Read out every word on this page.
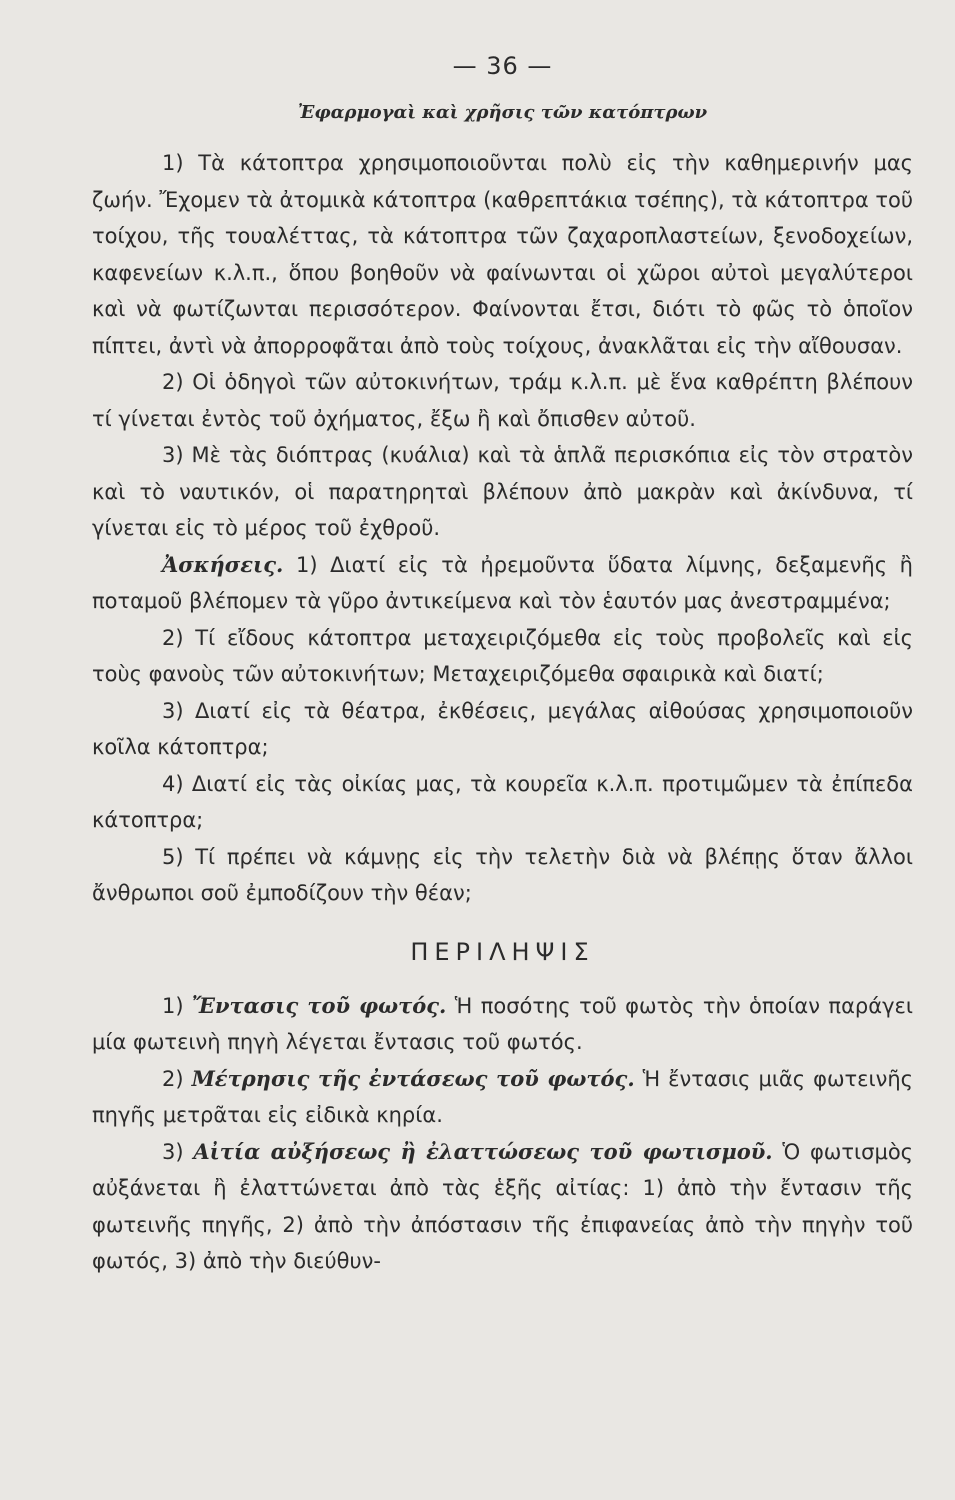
— 36 —
Ἐφαρμογαὶ καὶ χρῆσις τῶν κατόπτρων

1) Τὰ κάτοπτρα χρησιμοποιοῦνται πολὺ εἰς τὴν καθημερινήν μας ζωήν. Ἔχομεν τὰ ἀτομικὰ κάτοπτρα (καθρεπτάκια τσέπης), τὰ κάτοπτρα τοῦ τοίχου, τῆς τουαλέττας, τὰ κάτοπτρα τῶν ζαχαροπλαστείων, ξενοδοχείων, καφενείων κ.λ.π., ὅπου βοηθοῦν νὰ φαίνωνται οἱ χῶροι αὐτοὶ μεγαλύτεροι καὶ νὰ φωτίζωνται περισσότερον. Φαίνονται ἔτσι, διότι τὸ φῶς τὸ ὁποῖον πίπτει, ἀντὶ νὰ ἀπορροφᾶται ἀπὸ τοὺς τοίχους, ἀνακλᾶται εἰς τὴν αἴθουσαν.

2) Οἱ ὁδηγοὶ τῶν αὐτοκινήτων, τράμ κ.λ.π. μὲ ἕνα καθρέπτη βλέπουν τί γίνεται ἐντὸς τοῦ ὀχήματος, ἔξω ἢ καὶ ὄπισθεν αὐτοῦ.

3) Μὲ τὰς διόπτρας (κυάλια) καὶ τὰ ἁπλᾶ περισκόπια εἰς τὸν στρατὸν καὶ τὸ ναυτικόν, οἱ παρατηρηταὶ βλέπουν ἀπὸ μακρὰν καὶ ἀκίνδυνα, τί γίνεται εἰς τὸ μέρος τοῦ ἐχθροῦ.

Ἀσκήσεις. 1) Διατί εἰς τὰ ἠρεμοῦντα ὕδατα λίμνης, δεξαμενῆς ἢ ποταμοῦ βλέπομεν τὰ γῦρο ἀντικείμενα καὶ τὸν ἑαυτόν μας ἀνεστραμμένα;

2) Τί εἴδους κάτοπτρα μεταχειριζόμεθα εἰς τοὺς προβολεῖς καὶ εἰς τοὺς φανοὺς τῶν αὐτοκινήτων; Μεταχειριζόμεθα σφαιρικὰ καὶ διατί;

3) Διατί εἰς τὰ θέατρα, ἐκθέσεις, μεγάλας αἰθούσας χρησιμοποιοῦν κοῖλα κάτοπτρα;

4) Διατί εἰς τὰς οἰκίας μας, τὰ κουρεῖα κ.λ.π. προτιμῶμεν τὰ ἐπίπεδα κάτοπτρα;

5) Τί πρέπει νὰ κάμνῃς εἰς τὴν τελετὴν διὰ νὰ βλέπῃς ὅταν ἄλλοι ἄνθρωποι σοῦ ἐμποδίζουν τὴν θέαν;

ΠΕΡΙΛΗΨΙΣ

1) Ἔντασις τοῦ φωτός. Ἡ ποσότης τοῦ φωτὸς τὴν ὁποίαν παράγει μία φωτεινὴ πηγὴ λέγεται ἔντασις τοῦ φωτός.

2) Μέτρησις τῆς ἐντάσεως τοῦ φωτός. Ἡ ἔντασις μιᾶς φωτεινῆς πηγῆς μετρᾶται εἰς εἰδικὰ κηρία.

3) Αἰτία αὐξήσεως ἢ ἐλαττώσεως τοῦ φωτισμοῦ. Ὁ φωτισμὸς αὐξάνεται ἢ ἐλαττώνεται ἀπὸ τὰς ἑξῆς αἰτίας: 1) ἀπὸ τὴν ἔντασιν τῆς φωτεινῆς πηγῆς, 2) ἀπὸ τὴν ἀπόστασιν τῆς ἐπιφανείας ἀπὸ τὴν πηγὴν τοῦ φωτός, 3) ἀπὸ τὴν διεύθυν-
